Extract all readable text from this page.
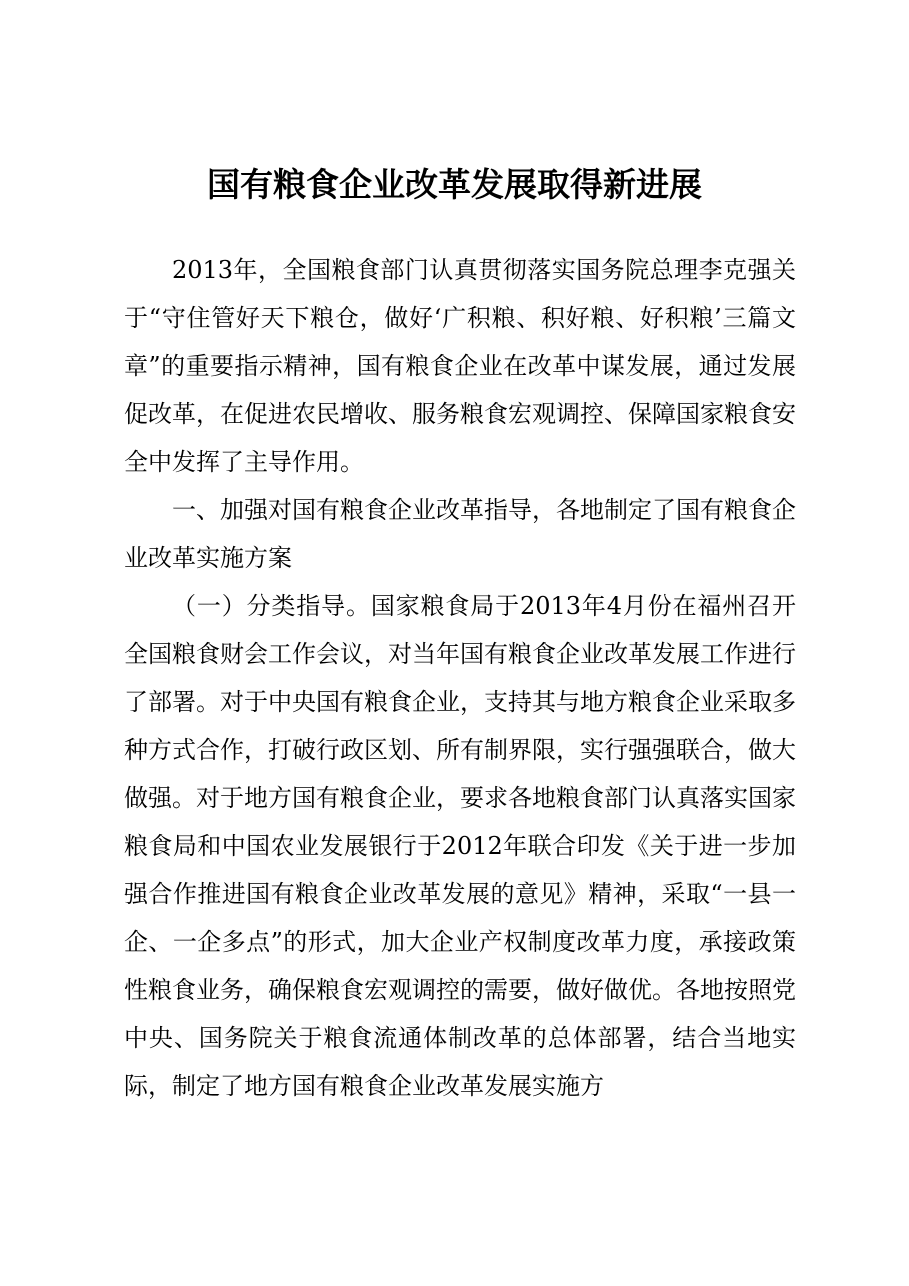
国有粮食企业改革发展取得新进展

2013年，全国粮食部门认真贯彻落实国务院总理李克强关于“守住管好天下粮仓，做好‘广积粮、积好粮、好积粮’三篇文章”的重要指示精神，国有粮食企业在改革中谋发展，通过发展促改革，在促进农民增收、服务粮食宏观调控、保障国家粮食安全中发挥了主导作用。

一、加强对国有粮食企业改革指导，各地制定了国有粮食企业改革实施方案

（一）分类指导。国家粮食局于2013年4月份在福州召开全国粮食财会工作会议，对当年国有粮食企业改革发展工作进行了部署。对于中央国有粮食企业，支持其与地方粮食企业采取多种方式合作，打破行政区划、所有制界限，实行强强联合，做大做强。对于地方国有粮食企业，要求各地粮食部门认真落实国家粮食局和中国农业发展银行于2012年联合印发《关于进一步加强合作推进国有粮食企业改革发展的意见》精神，采取“一县一企、一企多点”的形式，加大企业产权制度改革力度，承接政策性粮食业务，确保粮食宏观调控的需要，做好做优。各地按照党中央、国务院关于粮食流通体制改革的总体部署，结合当地实际，制定了地方国有粮食企业改革发展实施方
